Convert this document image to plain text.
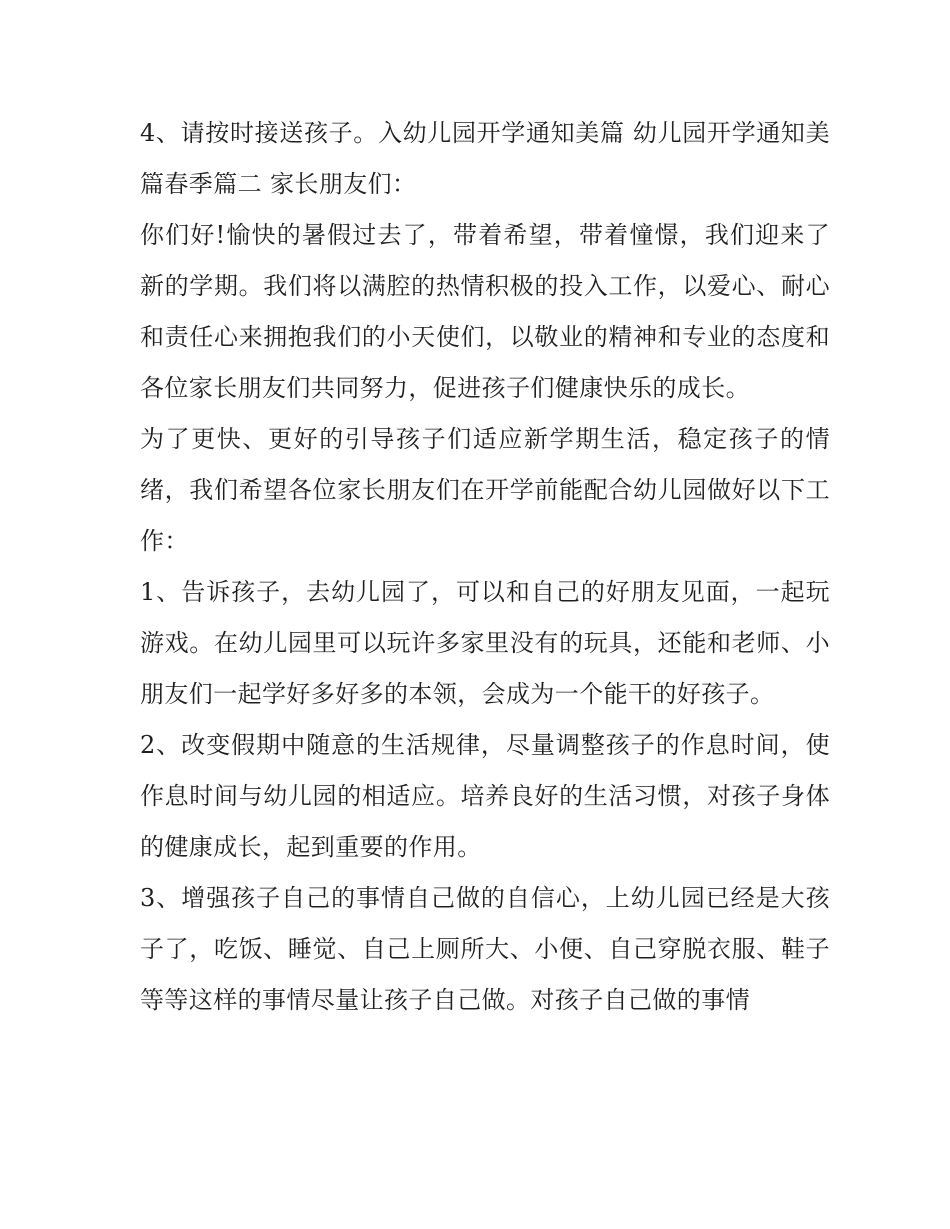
4、请按时接送孩子。入幼儿园开学通知美篇 幼儿园开学通知美篇春季篇二 家长朋友们：

你们好!愉快的暑假过去了，带着希望，带着憧憬，我们迎来了新的学期。我们将以满腔的热情积极的投入工作，以爱心、耐心和责任心来拥抱我们的小天使们，以敬业的精神和专业的态度和各位家长朋友们共同努力，促进孩子们健康快乐的成长。

为了更快、更好的引导孩子们适应新学期生活，稳定孩子的情绪，我们希望各位家长朋友们在开学前能配合幼儿园做好以下工作：

1、告诉孩子，去幼儿园了，可以和自己的好朋友见面，一起玩游戏。在幼儿园里可以玩许多家里没有的玩具，还能和老师、小朋友们一起学好多好多的本领，会成为一个能干的好孩子。

2、改变假期中随意的生活规律，尽量调整孩子的作息时间，使作息时间与幼儿园的相适应。培养良好的生活习惯，对孩子身体的健康成长，起到重要的作用。

3、增强孩子自己的事情自己做的自信心，上幼儿园已经是大孩子了，吃饭、睡觉、自己上厕所大、小便、自己穿脱衣服、鞋子等等这样的事情尽量让孩子自己做。对孩子自己做的事情
